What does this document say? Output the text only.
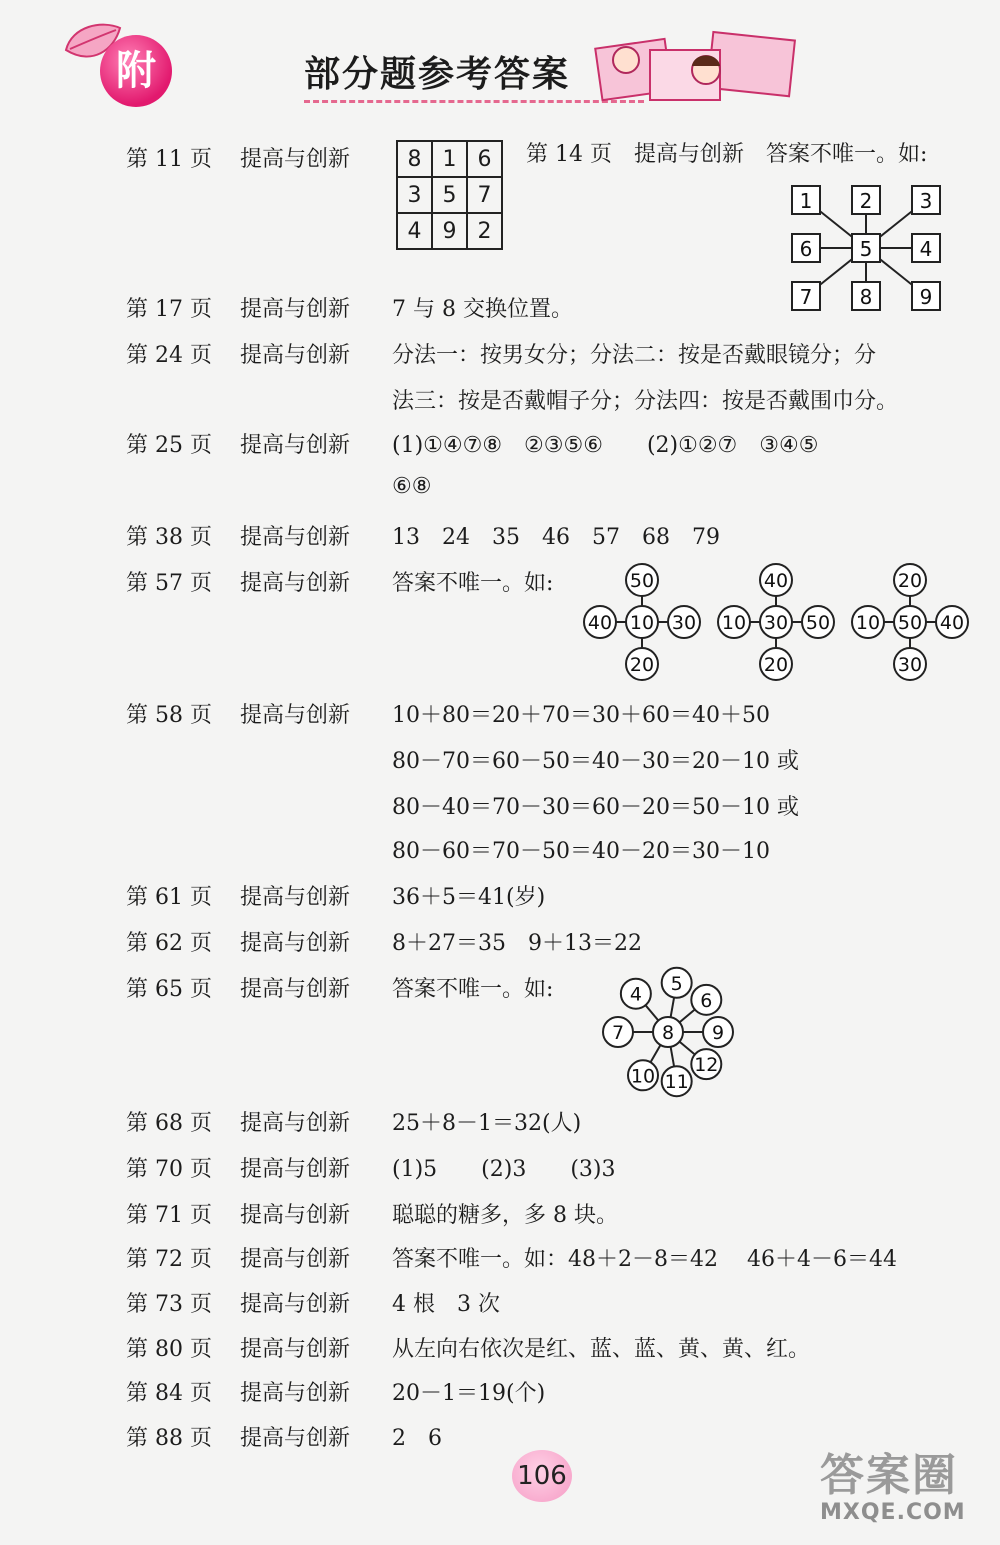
附	部分题参考答案
第 11 页	提高与创新	8	1	6
3	5	7
4	9	2
第 14 页　 提高与创新　 答案不唯一。如:
1 2 3
6 5 4
7 8 9
第 17 页	提高与创新 7 与 8 交换位置。
第 24 页	提高与创新 分法一：按男女分；分法二：按是否戴眼镜分；分
法三：按是否戴帽子分；分法四：按是否戴围巾分。
第 25 页	提高与创新 (1)①④⑦⑧　②③⑤⑥　　(2)①②⑦　③④⑤
⑥⑧
第 38 页	提高与创新 13　24　35　46　57　68　79
第 57 页	提高与创新 答案不唯一。如:	50
40 10 30
20
40
10 30 50
20
20
10 50 40
30
第 58 页	提高与创新 10＋80＝20＋70＝30＋60＝40＋50
80－70＝60－50＝40－30＝20－10 或
80－40＝70－30＝60－20＝50－10 或
80－60＝70－50＝40－20＝30－10
第 61 页	提高与创新 36＋5＝41(岁)
第 62 页	提高与创新 8＋27＝35　9＋13＝22
第 65 页	提高与创新 答案不唯一。如:	5
6
9
12
11
10
7
4
8
第 68 页	提高与创新 25＋8－1＝32(人)
第 70 页	提高与创新 (1)5　　(2)3　　(3)3
第 71 页	提高与创新 聪聪的糖多，多 8 块。
第 72 页	提高与创新 答案不唯一。如：48＋2－8＝42　 46＋4－6＝44
第 73 页	提高与创新 4 根　3 次
第 80 页	提高与创新 从左向右依次是红、蓝、蓝、黄、黄、红。
第 84 页	提高与创新 20－1＝19(个)
第 88 页	提高与创新 2　6
106	答案圈
MXQE.COM
